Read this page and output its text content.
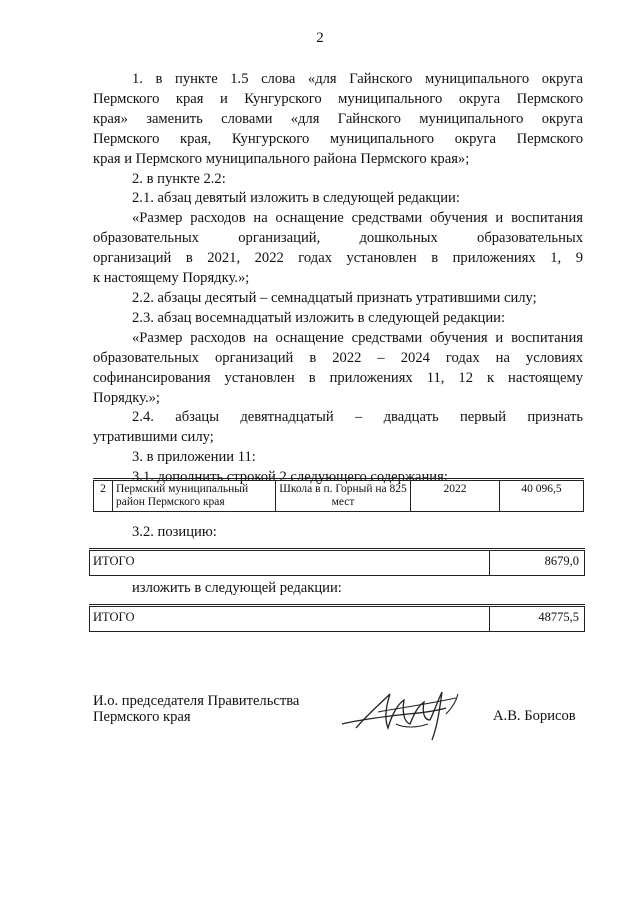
2

1. в пункте 1.5 слова «для Гайнского муниципального округа

Пермского края и Кунгурского муниципального округа Пермского

края» заменить словами «для Гайнского муниципального округа

Пермского края, Кунгурского муниципального округа Пермского

края и Пермского муниципального района Пермского края»;

2. в пункте 2.2:

2.1. абзац девятый изложить в следующей редакции:

«Размер расходов на оснащение средствами обучения и воспитания

образовательных организаций, дошкольных образовательных

организаций в 2021, 2022 годах установлен в приложениях 1, 9

к настоящему Порядку.»;

2.2. абзацы десятый – семнадцатый признать утратившими силу;

2.3. абзац восемнадцатый изложить в следующей редакции:

«Размер расходов на оснащение средствами обучения и воспитания

образовательных организаций в 2022 – 2024 годах на условиях

софинансирования установлен в приложениях 11, 12 к настоящему

Порядку.»;

2.4. абзацы девятнадцатый – двадцать первый признать

утратившими силу;

3. в приложении 11:

3.1. дополнить строкой 2 следующего содержания:

2	Пермский муниципальный район Пермского края	Школа в п. Горный на 825 мест	2022	40 096,5

3.2. позицию:

ИТОГО	8679,0

изложить в следующей редакции:

ИТОГО	48775,5
И.о. председателя Правительства
Пермского края	А.В. Борисов
